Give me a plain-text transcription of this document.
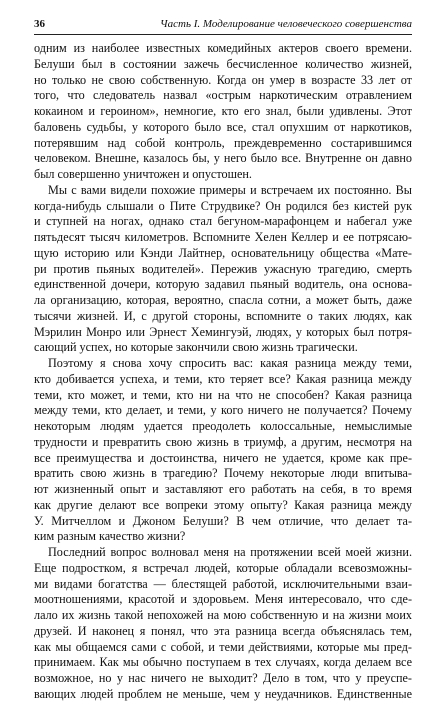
36	Часть I. Моделирование человеческого совершенства
одним из наиболее известных комедийных актеров своего времени.
Белуши был в состоянии зажечь бесчисленное количество жизней,
но только не свою собственную. Когда он умер в возрасте 33 лет от
того, что следователь назвал «острым наркотическим отравлением
кокаином и героином», немногие, кто его знал, были удивлены. Этот
баловень судьбы, у которого было все, стал опухшим от наркотиков,
потерявшим над собой контроль, преждевременно состарившимся
человеком. Внешне, казалось бы, у него было все. Внутренне он давно
был совершенно уничтожен и опустошен.
Мы с вами видели похожие примеры и встречаем их постоянно. Вы
когда-нибудь слышали о Пите Струдвике? Он родился без кистей рук
и ступней на ногах, однако стал бегуном-марафонцем и набегал уже
пятьдесят тысяч километров. Вспомните Хелен Келлер и ее потрясаю-
щую историю или Кэнди Лайтнер, основательницу общества «Мате-
ри против пьяных водителей». Пережив ужасную трагедию, смерть
единственной дочери, которую задавил пьяный водитель, она основа-
ла организацию, которая, вероятно, спасла сотни, а может быть, даже
тысячи жизней. И, с другой стороны, вспомните о таких людях, как
Мэрилин Монро или Эрнест Хемингуэй, людях, у которых был потря-
сающий успех, но которые закончили свою жизнь трагически.
Поэтому я снова хочу спросить вас: какая разница между теми,
кто добивается успеха, и теми, кто теряет все? Какая разница между
теми, кто может, и теми, кто ни на что не способен? Какая разница
между теми, кто делает, и теми, у кого ничего не получается? Почему
некоторым людям удается преодолеть колоссальные, немыслимые
трудности и превратить свою жизнь в триумф, а другим, несмотря на
все преимущества и достоинства, ничего не удается, кроме как пре-
вратить свою жизнь в трагедию? Почему некоторые люди впитыва-
ют жизненный опыт и заставляют его работать на себя, в то время
как другие делают все вопреки этому опыту? Какая разница между
У. Митчеллом и Джоном Белуши? В чем отличие, что делает та-
ким разным качество жизни?
Последний вопрос волновал меня на протяжении всей моей жизни.
Еще подростком, я встречал людей, которые обладали всевозможны-
ми видами богатства — блестящей работой, исключительными взаи-
моотношениями, красотой и здоровьем. Меня интересовало, что сде-
лало их жизнь такой непохожей на мою собственную и на жизни моих
друзей. И наконец я понял, что эта разница всегда объяснялась тем,
как мы общаемся сами с собой, и теми действиями, которые мы пред-
принимаем. Как мы обычно поступаем в тех случаях, когда делаем все
возможное, но у нас ничего не выходит? Дело в том, что у преуспе-
вающих людей проблем не меньше, чем у неудачников. Единственные
